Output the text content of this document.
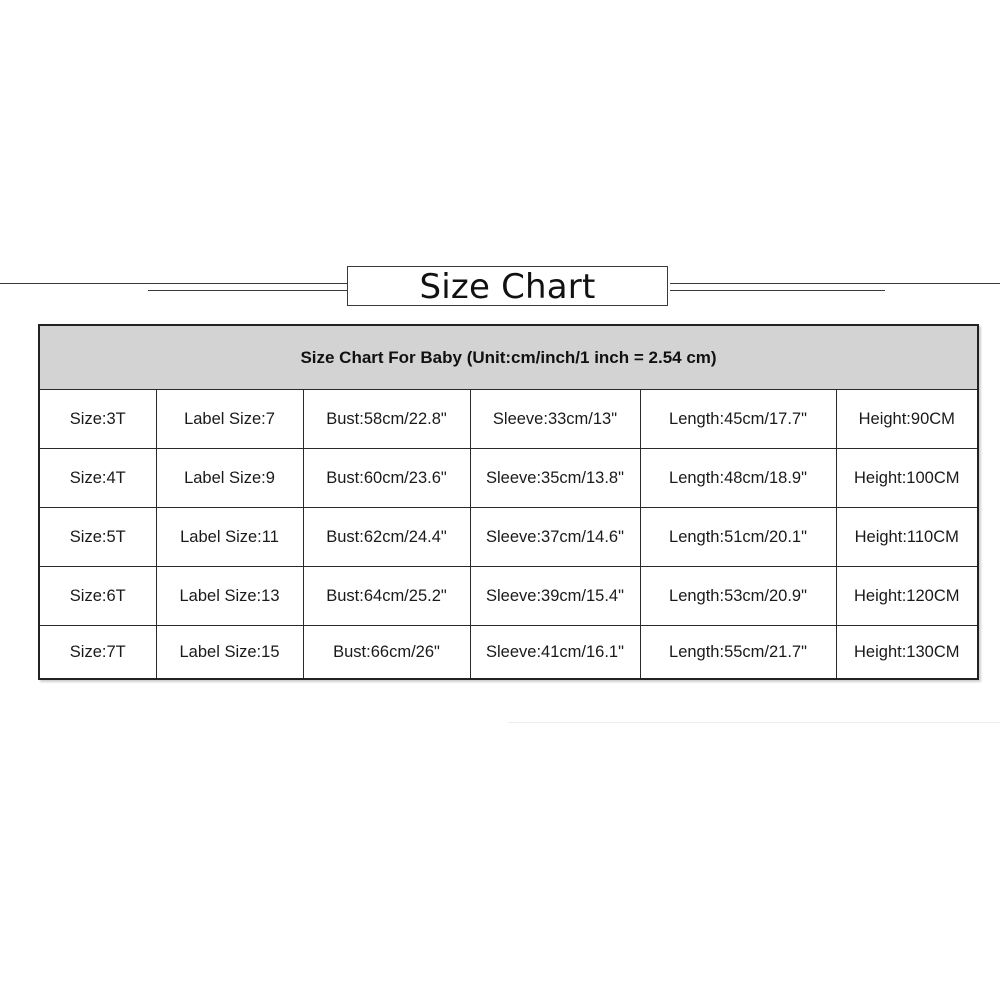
Size Chart
Size Chart For Baby (Unit:cm/inch/1 inch = 2.54 cm)					
Size:3T	Label Size:7	Bust:58cm/22.8"	Sleeve:33cm/13"	Length:45cm/17.7"	Height:90CM
Size:4T	Label Size:9	Bust:60cm/23.6"	Sleeve:35cm/13.8"	Length:48cm/18.9"	Height:100CM
Size:5T	Label Size:11	Bust:62cm/24.4"	Sleeve:37cm/14.6"	Length:51cm/20.1"	Height:110CM
Size:6T	Label Size:13	Bust:64cm/25.2"	Sleeve:39cm/15.4"	Length:53cm/20.9"	Height:120CM
Size:7T	Label Size:15	Bust:66cm/26"	Sleeve:41cm/16.1"	Length:55cm/21.7"	Height:130CM
